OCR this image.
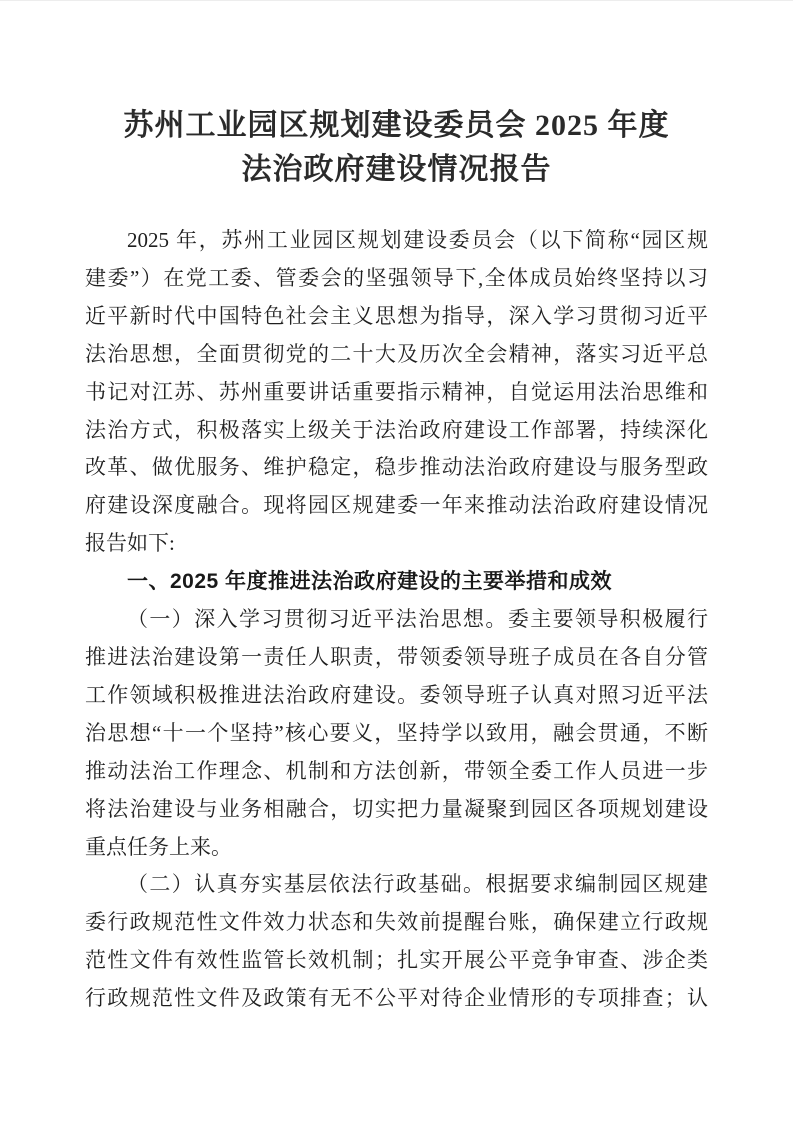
苏州工业园区规划建设委员会 2025 年度
法治政府建设情况报告
2025 年，苏州工业园区规划建设委员会（以下简称“园区规
建委”）在党工委、管委会的坚强领导下,全体成员始终坚持以习
近平新时代中国特色社会主义思想为指导，深入学习贯彻习近平
法治思想，全面贯彻党的二十大及历次全会精神，落实习近平总
书记对江苏、苏州重要讲话重要指示精神，自觉运用法治思维和
法治方式，积极落实上级关于法治政府建设工作部署，持续深化
改革、做优服务、维护稳定，稳步推动法治政府建设与服务型政
府建设深度融合。现将园区规建委一年来推动法治政府建设情况
报告如下:
一、2025 年度推进法治政府建设的主要举措和成效
（一）深入学习贯彻习近平法治思想。委主要领导积极履行
推进法治建设第一责任人职责，带领委领导班子成员在各自分管
工作领域积极推进法治政府建设。委领导班子认真对照习近平法
治思想“十一个坚持”核心要义，坚持学以致用，融会贯通，不断
推动法治工作理念、机制和方法创新，带领全委工作人员进一步
将法治建设与业务相融合，切实把力量凝聚到园区各项规划建设
重点任务上来。
（二）认真夯实基层依法行政基础。根据要求编制园区规建
委行政规范性文件效力状态和失效前提醒台账，确保建立行政规
范性文件有效性监管长效机制；扎实开展公平竞争审查、涉企类
行政规范性文件及政策有无不公平对待企业情形的专项排查；认
